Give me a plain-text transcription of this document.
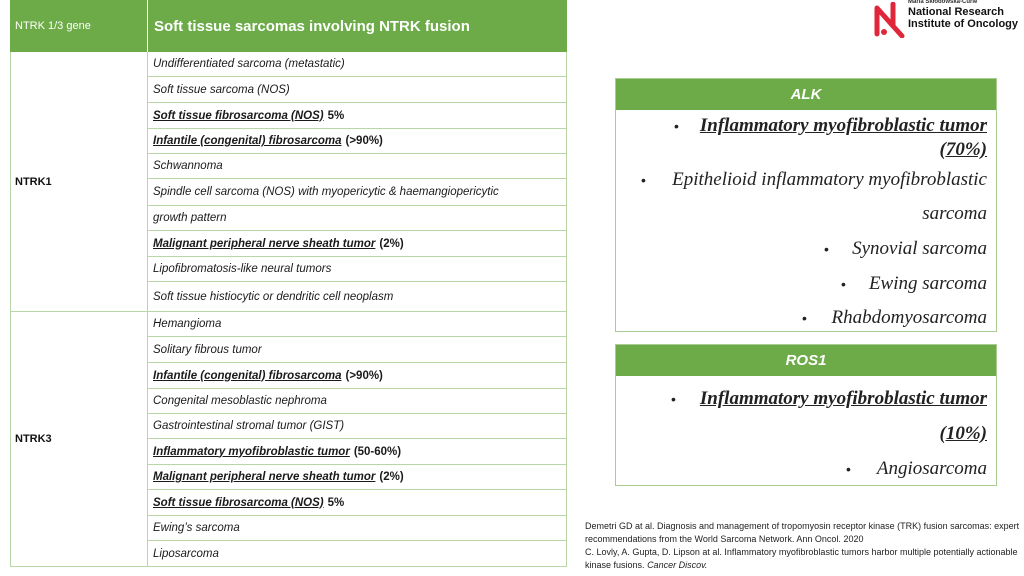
NTRK 1/3 gene	Soft tissue sarcomas involving NTRK fusion
Undifferentiated sarcoma (metastatic)
Soft tissue sarcoma (NOS)
Soft tissue fibrosarcoma (NOS) 5%
Infantile (congenital) fibrosarcoma (>90%)
Schwannoma
Spindle cell sarcoma (NOS) with myopericytic & haemangiopericytic
growth pattern
Malignant peripheral nerve sheath tumor (2%)
Lipofibromatosis-like neural tumors
Soft tissue histiocytic or dendritic cell neoplasm
NTRK1
Hemangioma
Solitary fibrous tumor
Infantile (congenital) fibrosarcoma (>90%)
Congenital mesoblastic nephroma
Gastrointestinal stromal tumor (GIST)
Inflammatory myofibroblastic tumor (50-60%)
Malignant peripheral nerve sheath tumor (2%)
Soft tissue fibrosarcoma (NOS) 5%
Ewing’s sarcoma
Liposarcoma
NTRK3
Maria Skłodowska-Curie
National Research
Institute of Oncology
ALK
Inflammatory myofibroblastic tumor
•
(70%)
Epithelioid inflammatory myofibroblastic
•
sarcoma
Synovial sarcoma
•
Ewing sarcoma
•
Rhabdomyosarcoma
•
ROS1
Inflammatory myofibroblastic tumor
•
(10%)
Angiosarcoma
•
Demetri GD at al. Diagnosis and management of tropomyosin receptor kinase (TRK) fusion sarcomas: expert recommendations from the World Sarcoma Network. Ann Oncol. 2020
C. Lovly, A. Gupta, D. Lipson at al. Inflammatory myofibroblastic tumors harbor multiple potentially actionable kinase fusions. Cancer Discov.
